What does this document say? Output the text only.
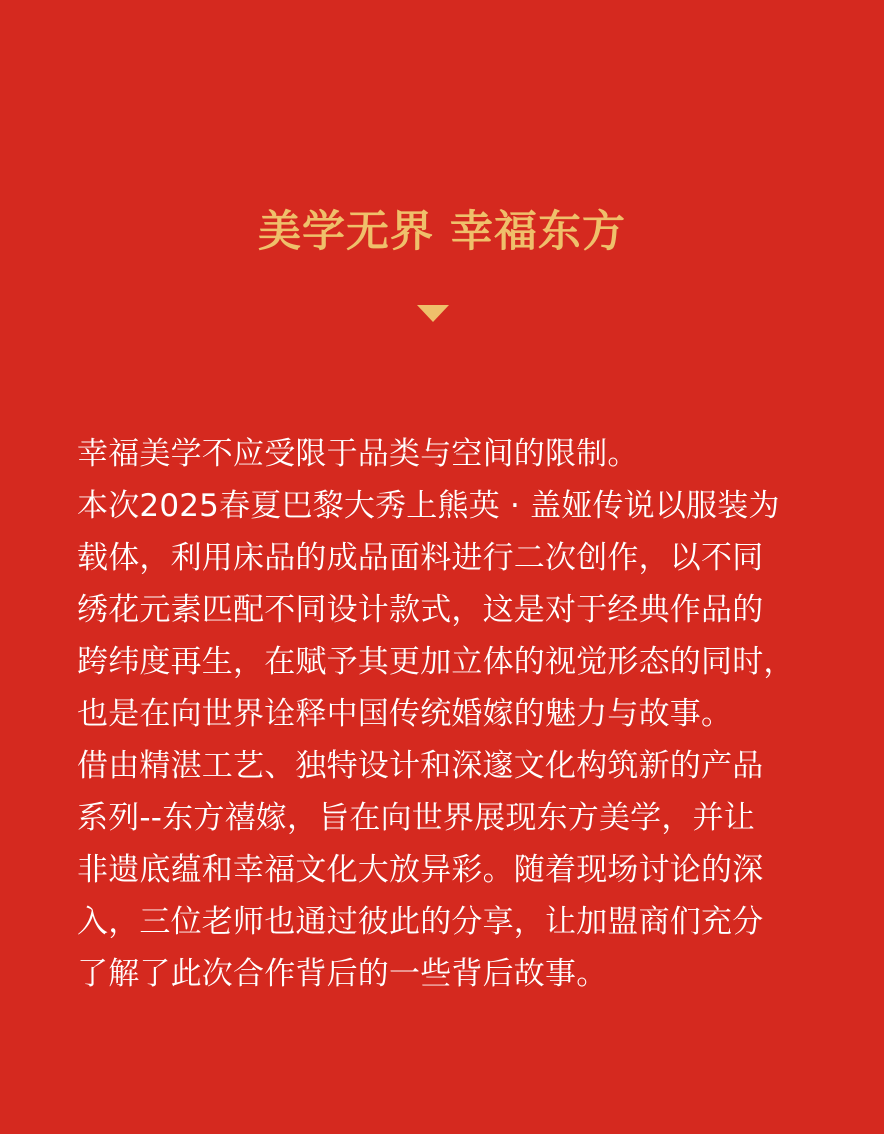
美学无界 幸福东方
幸福美学不应受限于品类与空间的限制。
本次2025春夏巴黎大秀上熊英 · 盖娅传说以服装为
载体，利用床品的成品面料进行二次创作，以不同
绣花元素匹配不同设计款式，这是对于经典作品的
跨纬度再生，在赋予其更加立体的视觉形态的同时，
也是在向世界诠释中国传统婚嫁的魅力与故事。
借由精湛工艺、独特设计和深邃文化构筑新的产品
系列--东方禧嫁，旨在向世界展现东方美学，并让
非遗底蕴和幸福文化大放异彩。随着现场讨论的深
入，三位老师也通过彼此的分享，让加盟商们充分
了解了此次合作背后的一些背后故事。
